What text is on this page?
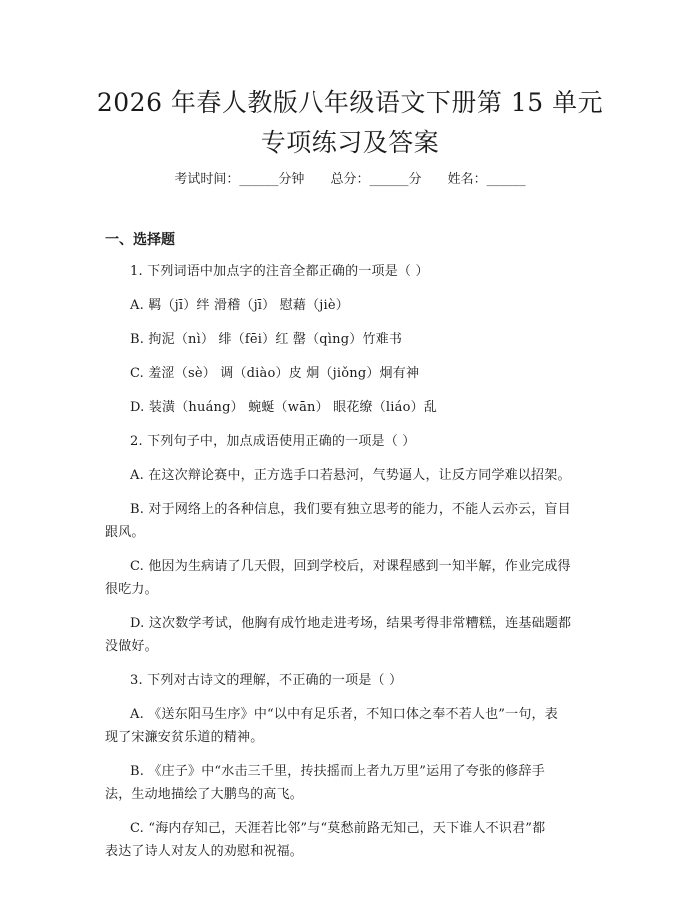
2026 年春人教版八年级语文下册第 15 单元
专项练习及答案
考试时间：______分钟 总分：______分 姓名：______
一、选择题
1. 下列词语中加点字的注音全都正确的一项是（ ）
A. 羁（jī）绊 滑稽（jī） 慰藉（jiè）
B. 拘泥（nì） 绯（fēi）红 罄（qìng）竹难书
C. 羞涩（sè） 调（diào）皮 炯（jiǒng）炯有神
D. 装潢（huáng） 蜿蜒（wān） 眼花缭（liáo）乱
2. 下列句子中，加点成语使用正确的一项是（ ）
A. 在这次辩论赛中，正方选手口若悬河，气势逼人，让反方同学难以招架。
B. 对于网络上的各种信息，我们要有独立思考的能力，不能人云亦云，盲目
跟风。
C. 他因为生病请了几天假，回到学校后，对课程感到一知半解，作业完成得
很吃力。
D. 这次数学考试，他胸有成竹地走进考场，结果考得非常糟糕，连基础题都
没做好。
3. 下列对古诗文的理解，不正确的一项是（ ）
A. 《送东阳马生序》中“以中有足乐者，不知口体之奉不若人也”一句，表
现了宋濂安贫乐道的精神。
B. 《庄子》中“水击三千里，抟扶摇而上者九万里”运用了夸张的修辞手
法，生动地描绘了大鹏鸟的高飞。
C. “海内存知己，天涯若比邻”与“莫愁前路无知己，天下谁人不识君”都
表达了诗人对友人的劝慰和祝福。
